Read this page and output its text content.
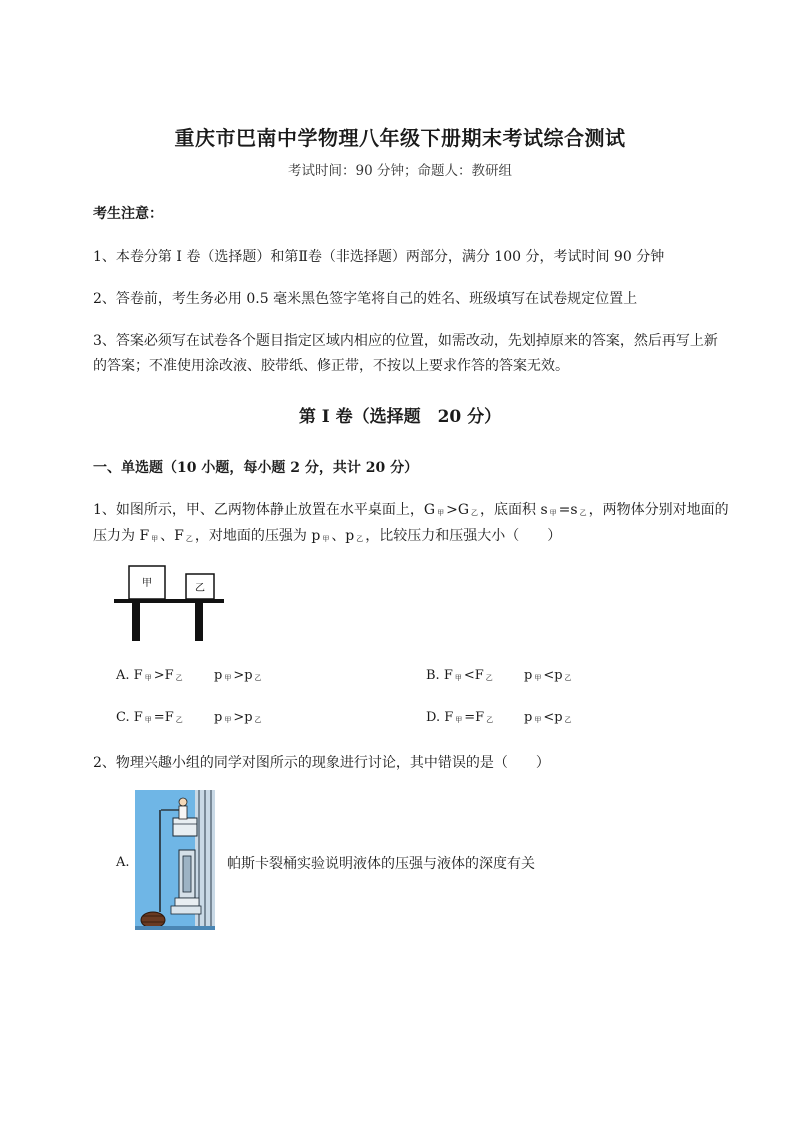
重庆市巴南中学物理八年级下册期末考试综合测试
考试时间：90 分钟；命题人：教研组
考生注意：
1、本卷分第 I 卷（选择题）和第Ⅱ卷（非选择题）两部分，满分 100 分，考试时间 90 分钟
2、答卷前，考生务必用 0.5 毫米黑色签字笔将自己的姓名、班级填写在试卷规定位置上
3、答案必须写在试卷各个题目指定区域内相应的位置，如需改动，先划掉原来的答案，然后再写上新
的答案；不准使用涂改液、胶带纸、修正带，不按以上要求作答的答案无效。
第 I 卷（选择题　20 分）
一、单选题（10 小题，每小题 2 分，共计 20 分）
1、如图所示，甲、乙两物体静止放置在水平桌面上，G $_甲$ >G $_乙$ ，底面积 s $_甲$ =s $_乙$ ，两物体分别对地面的
压力为 F $_甲$ 、F $_乙$ ，对地面的压强为 p $_甲$ 、p $_乙$ ，比较压力和压强大小（　　）
甲	乙
A. F $_甲$ >F $_乙$ p $_甲$ >p $_乙$	B. F $_甲$ <F $_乙$ p $_甲$ <p $_乙$
C. F $_甲$ =F $_乙$ p $_甲$ >p $_乙$	D. F $_甲$ =F $_乙$ p $_甲$ <p $_乙$
2、物理兴趣小组的同学对图所示的现象进行讨论，其中错误的是（　　）
A.	帕斯卡裂桶实验说明液体的压强与液体的深度有关
